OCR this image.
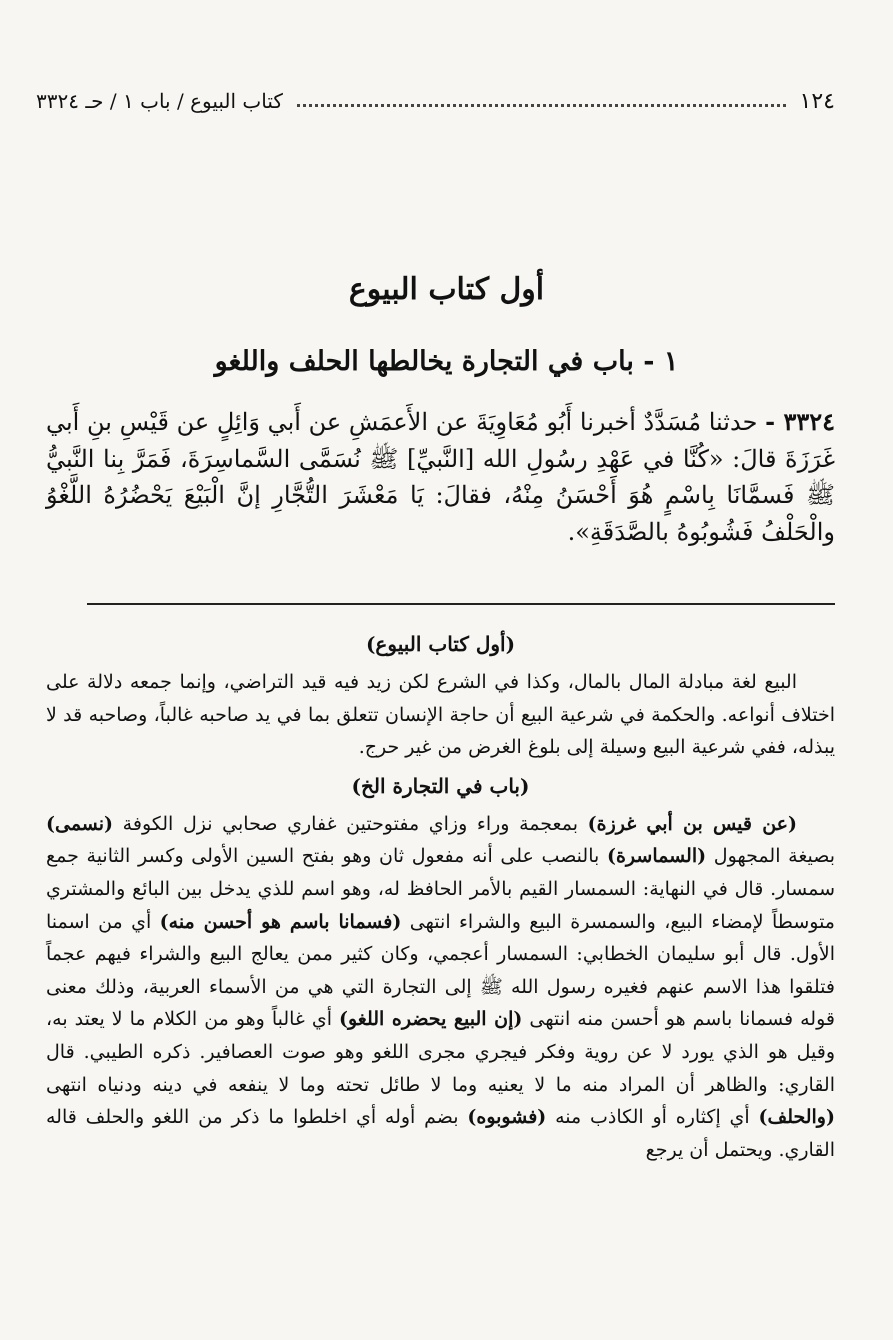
١٢٤
كتاب البيوع / باب ١ / حـ ٣٣٢٤
أول كتاب البيوع
١ - باب في التجارة يخالطها الحلف واللغو
٣٣٢٤ - حدثنا مُسَدَّدٌ أخبرنا أَبُو مُعَاوِيَةَ عن الأَعمَشِ عن أَبي وَائِلٍ عن قَيْسِ بنِ أَبي غَرَزَةَ قالَ: «كُنَّا في عَهْدِ رسُولِ الله [النَّبيِّ] ﷺ نُسَمَّى السَّماسِرَةَ، فَمَرَّ بِنا النَّبيُّ ﷺ فَسمَّانَا بِاسْمٍ هُوَ أَحْسَنُ مِنْهُ، فقالَ: يَا مَعْشَرَ التُّجَّارِ إنَّ الْبَيْعَ يَحْضُرُهُ اللَّغْوُ والْحَلْفُ فَشُوبُوهُ بالصَّدَقَةِ».
(أول كتاب البيوع)

البيع لغة مبادلة المال بالمال، وكذا في الشرع لكن زيد فيه قيد التراضي، وإنما جمعه دلالة على اختلاف أنواعه. والحكمة في شرعية البيع أن حاجة الإنسان تتعلق بما في يد صاحبه غالباً، وصاحبه قد لا يبذله، ففي شرعية البيع وسيلة إلى بلوغ الغرض من غير حرج.

(باب في التجارة الخ)

(عن قيس بن أبي غرزة) بمعجمة وراء وزاي مفتوحتين غفاري صحابي نزل الكوفة (نسمى) بصيغة المجهول (السماسرة) بالنصب على أنه مفعول ثان وهو بفتح السين الأولى وكسر الثانية جمع سمسار. قال في النهاية: السمسار القيم بالأمر الحافظ له، وهو اسم للذي يدخل بين البائع والمشتري متوسطاً لإمضاء البيع، والسمسرة البيع والشراء انتهى (فسمانا باسم هو أحسن منه) أي من اسمنا الأول. قال أبو سليمان الخطابي: السمسار أعجمي، وكان كثير ممن يعالج البيع والشراء فيهم عجماً فتلقوا هذا الاسم عنهم فغيره رسول الله ﷺ إلى التجارة التي هي من الأسماء العربية، وذلك معنى قوله فسمانا باسم هو أحسن منه انتهى (إن البيع يحضره اللغو) أي غالباً وهو من الكلام ما لا يعتد به، وقيل هو الذي يورد لا عن روية وفكر فيجري مجرى اللغو وهو صوت العصافير. ذكره الطيبي. قال القاري: والظاهر أن المراد منه ما لا يعنيه وما لا طائل تحته وما لا ينفعه في دينه ودنياه انتهى (والحلف) أي إكثاره أو الكاذب منه (فشوبوه) بضم أوله أي اخلطوا ما ذكر من اللغو والحلف قاله القاري. ويحتمل أن يرجع
